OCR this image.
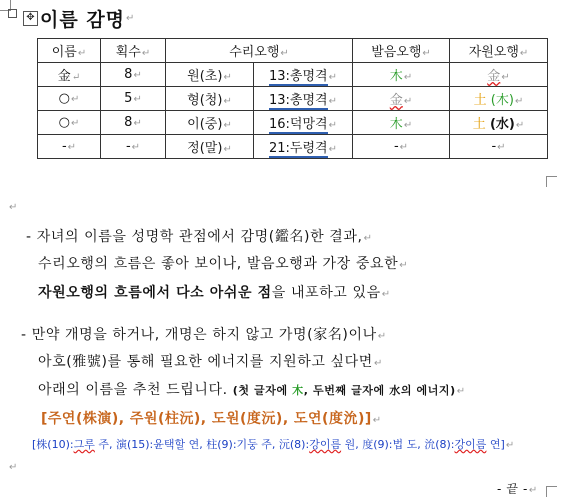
✥ 이름 감명 ↵
이름↵	획수↵	수리오행↵		발음오행↵	자원오행↵
金↵	8↵	원(초)↵	13:총명격↵	木↵	金↵
○↵	5↵	형(청)↵	13:총명격↵	金↵	土 (木)↵
○↵	8↵	이(중)↵	16:덕망격↵	木↵	土 (水)↵
-↵	-↵	정(말)↵	21:두령격↵	-↵	-↵
↵
- 자녀의 이름을 성명학 관점에서 감명(鑑名)한 결과,↵
수리오행의 흐름은 좋아 보이나, 발음오행과 가장 중요한↵
자원오행의 흐름에서 다소 아쉬운 점을 내포하고 있음↵
- 만약 개명을 하거나, 개명은 하지 않고 가명(家名)이나↵
아호(雅號)를 통해 필요한 에너지를 지원하고 싶다면↵
아래의 이름을 추천 드립니다. (첫 글자에 木, 두번째 글자에 水의 에너지)↵
[주연(株演), 주원(柱沅), 도원(度沅), 도연(度沇)]↵
[株(10):그루 주, 演(15):윤택할 연, 柱(9):기둥 주, 沅(8):강이름 원, 度(9):법 도, 沇(8):강이름 연]↵
↵
- 끝 -↵
